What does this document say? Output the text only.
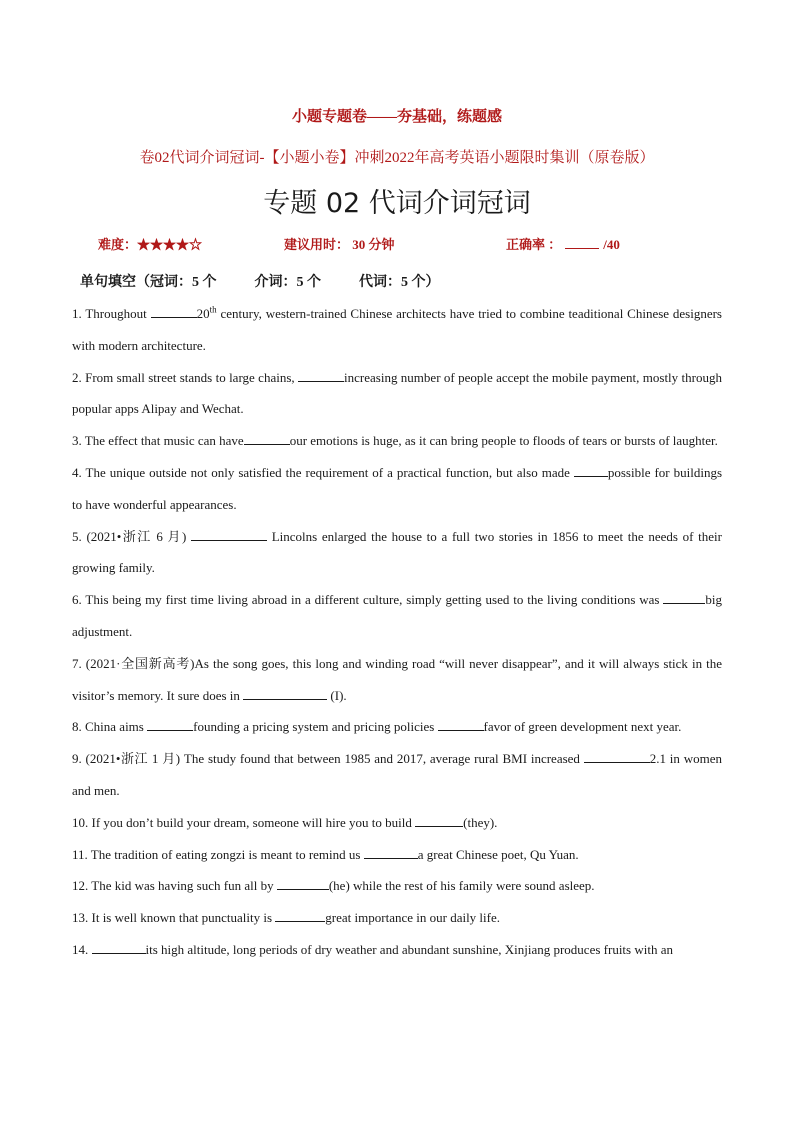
小题专题卷——夯基础，练题感
卷02代词介词冠词-【小题小卷】冲刺2022年高考英语小题限时集训（原卷版）
专题 02 代词介词冠词
难度：★★★★☆	建议用时： 30 分钟	正确率 ：	/40
单句填空（冠词：5 个	介词：5 个	代词：5 个）

1. Throughout	20th century, western-trained Chinese architects have tried to combine teaditional Chinese designers with modern architecture.

2. From small street stands to large chains,	increasing number of people accept the mobile payment, mostly through popular apps Alipay and Wechat.

3. The effect that music can have	our emotions is huge, as it can bring people to floods of tears or bursts of laughter.

4. The unique outside not only satisfied the requirement of a practical function, but also made	possible for buildings to have wonderful appearances.

5. (2021•浙江 6 月)	Lincolns enlarged the house to a full two stories in 1856 to meet the needs of their growing family.

6. This being my first time living abroad in a different culture, simply getting used to the living conditions was	big adjustment.

7. (2021·全国新高考)As the song goes, this long and winding road “will never disappear”, and it will always stick in the visitor’s memory. It sure does in	(I).

8. China aims	founding a pricing system and pricing policies	favor of green development next year.

9. (2021•浙江 1 月) The study found that between 1985 and 2017, average rural BMI increased	2.1 in women and men.

10. If you don’t build your dream, someone will hire you to build	(they).

11. The tradition of eating zongzi is meant to remind us	a great Chinese poet, Qu Yuan.

12. The kid was having such fun all by	(he) while the rest of his family were sound asleep.

13. It is well known that punctuality is	great importance in our daily life.

14.	its high altitude, long periods of dry weather and abundant sunshine, Xinjiang produces fruits with an
